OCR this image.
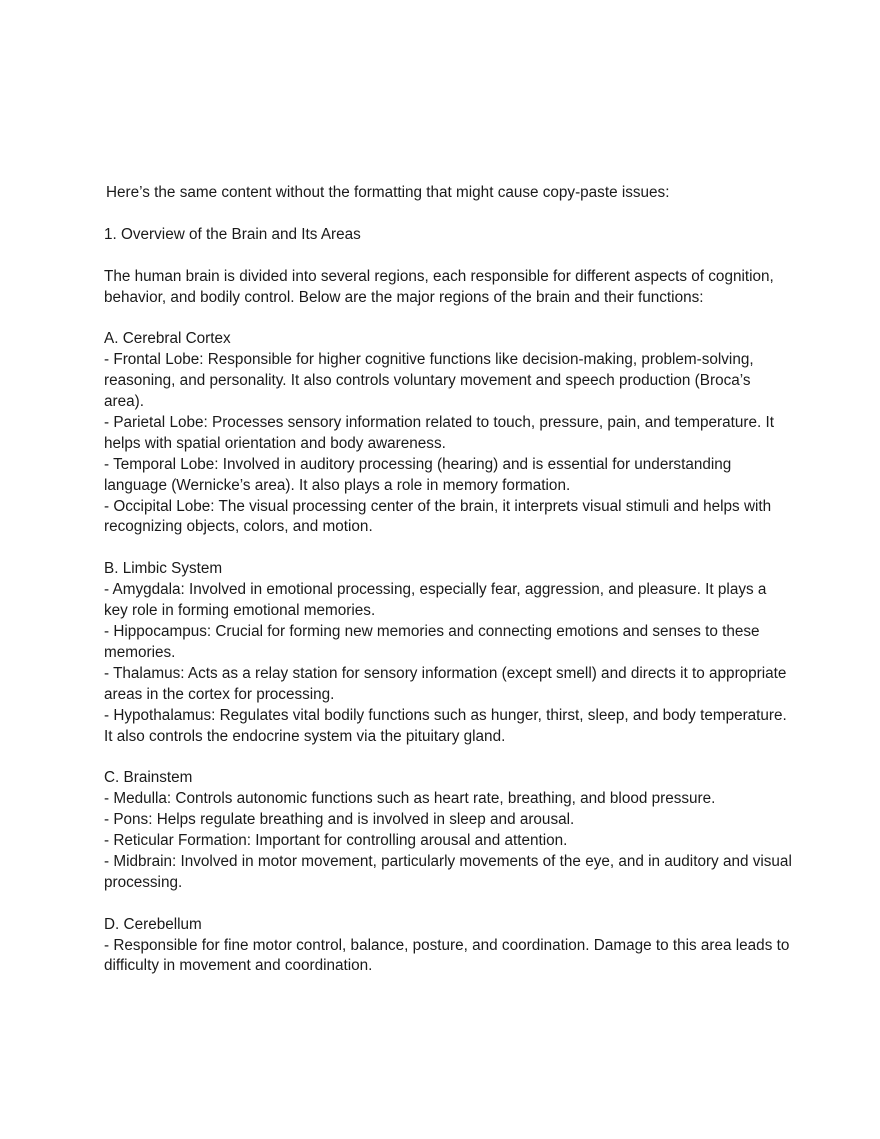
Here’s the same content without the formatting that might cause copy-paste issues:

1. Overview of the Brain and Its Areas

The human brain is divided into several regions, each responsible for different aspects of cognition, behavior, and bodily control. Below are the major regions of the brain and their functions:

A. Cerebral Cortex

- Frontal Lobe: Responsible for higher cognitive functions like decision-making, problem-solving, reasoning, and personality. It also controls voluntary movement and speech production (Broca’s area).

- Parietal Lobe: Processes sensory information related to touch, pressure, pain, and temperature. It helps with spatial orientation and body awareness.

- Temporal Lobe: Involved in auditory processing (hearing) and is essential for understanding language (Wernicke’s area). It also plays a role in memory formation.

- Occipital Lobe: The visual processing center of the brain, it interprets visual stimuli and helps with recognizing objects, colors, and motion.

B. Limbic System

- Amygdala: Involved in emotional processing, especially fear, aggression, and pleasure. It plays a key role in forming emotional memories.

- Hippocampus: Crucial for forming new memories and connecting emotions and senses to these memories.

- Thalamus: Acts as a relay station for sensory information (except smell) and directs it to appropriate areas in the cortex for processing.

- Hypothalamus: Regulates vital bodily functions such as hunger, thirst, sleep, and body temperature. It also controls the endocrine system via the pituitary gland.

C. Brainstem

- Medulla: Controls autonomic functions such as heart rate, breathing, and blood pressure.

- Pons: Helps regulate breathing and is involved in sleep and arousal.

- Reticular Formation: Important for controlling arousal and attention.

- Midbrain: Involved in motor movement, particularly movements of the eye, and in auditory and visual processing.

D. Cerebellum

- Responsible for fine motor control, balance, posture, and coordination. Damage to this area leads to difficulty in movement and coordination.
